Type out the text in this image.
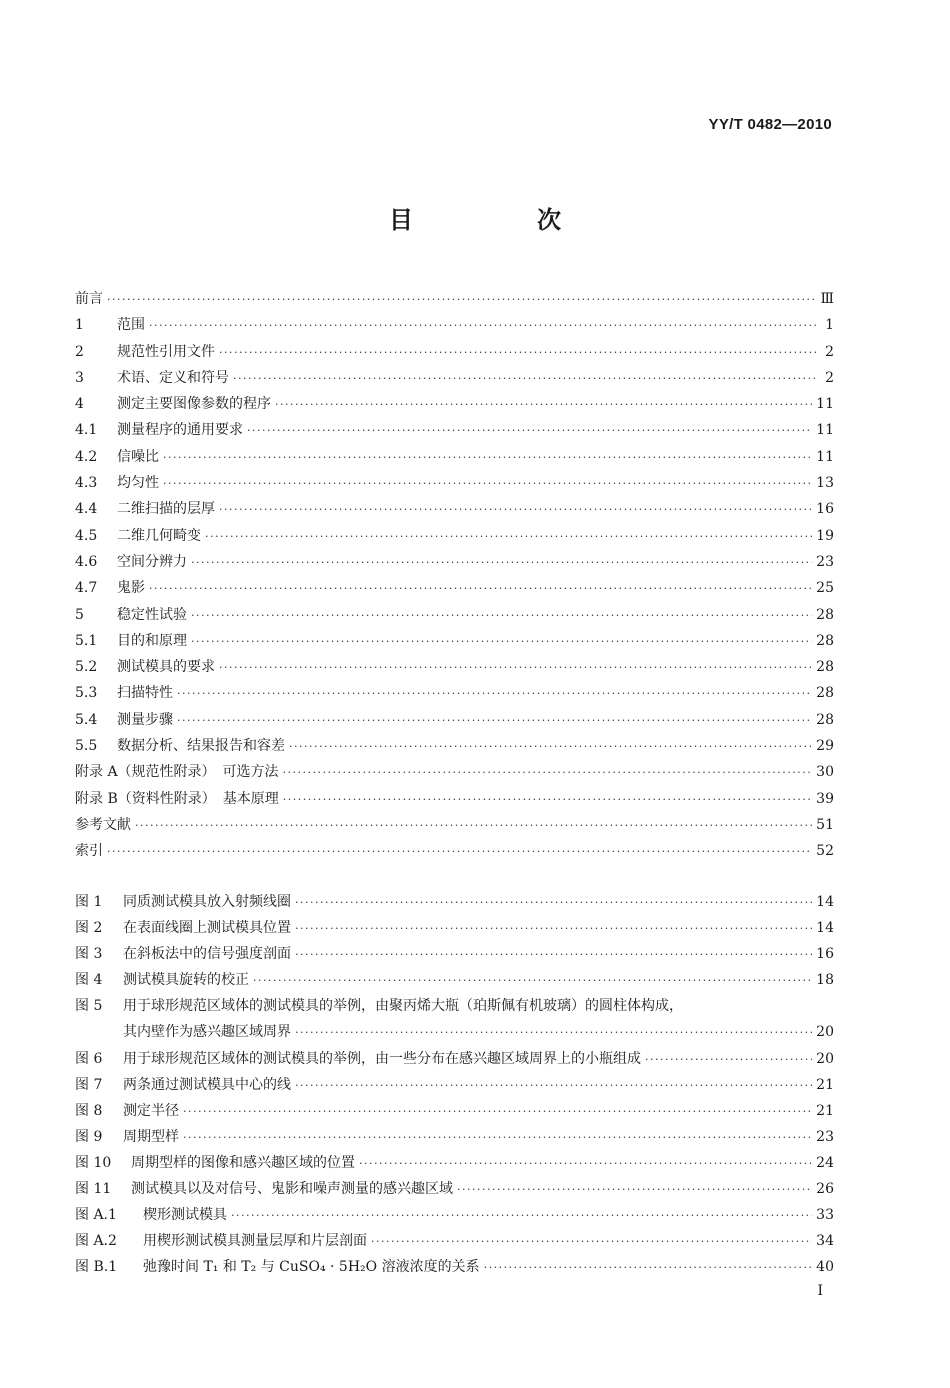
YY/T 0482—2010
目　次
前言 ·····	Ⅲ
1	范围 ·····	1
2	规范性引用文件 ·····	2
3	术语、定义和符号 ·····	2
4	测定主要图像参数的程序 ·····	11
4.1	测量程序的通用要求 ·····	11
4.2	信噪比 ·····	11
4.3	均匀性 ·····	13
4.4	二维扫描的层厚 ·····	16
4.5	二维几何畸变 ·····	19
4.6	空间分辨力 ·····	23
4.7	鬼影 ·····	25
5	稳定性试验 ·····	28
5.1	目的和原理 ·····	28
5.2	测试模具的要求 ·····	28
5.3	扫描特性 ·····	28
5.4	测量步骤 ·····	28
5.5	数据分析、结果报告和容差 ·····	29
附录 A（规范性附录）　可选方法 ·····	30
附录 B（资料性附录）　基本原理 ·····	39
参考文献 ·····	51
索引 ·····	52
图 1	同质测试模具放入射频线圈 ·····	14
图 2	在表面线圈上测试模具位置 ·····	14
图 3	在斜板法中的信号强度剖面 ·····	16
图 4	测试模具旋转的校正 ·····	18
图 5	用于球形规范区域体的测试模具的举例，由聚丙烯大瓶（珀斯佩有机玻璃）的圆柱体构成，
其内壁作为感兴趣区域周界 ·····	20
图 6	用于球形规范区域体的测试模具的举例，由一些分布在感兴趣区域周界上的小瓶组成 ·····	20
图 7	两条通过测试模具中心的线 ·····	21
图 8	测定半径 ·····	21
图 9	周期型样 ·····	23
图 10	周期型样的图像和感兴趣区域的位置 ·····	24
图 11	测试模具以及对信号、鬼影和噪声测量的感兴趣区域 ·····	26
图 A.1	楔形测试模具 ·····	33
图 A.2	用楔形测试模具测量层厚和片层剖面 ·····	34
图 B.1	弛豫时间 T₁ 和 T₂ 与 CuSO₄ · 5H₂O 溶液浓度的关系 ·····	40
I
